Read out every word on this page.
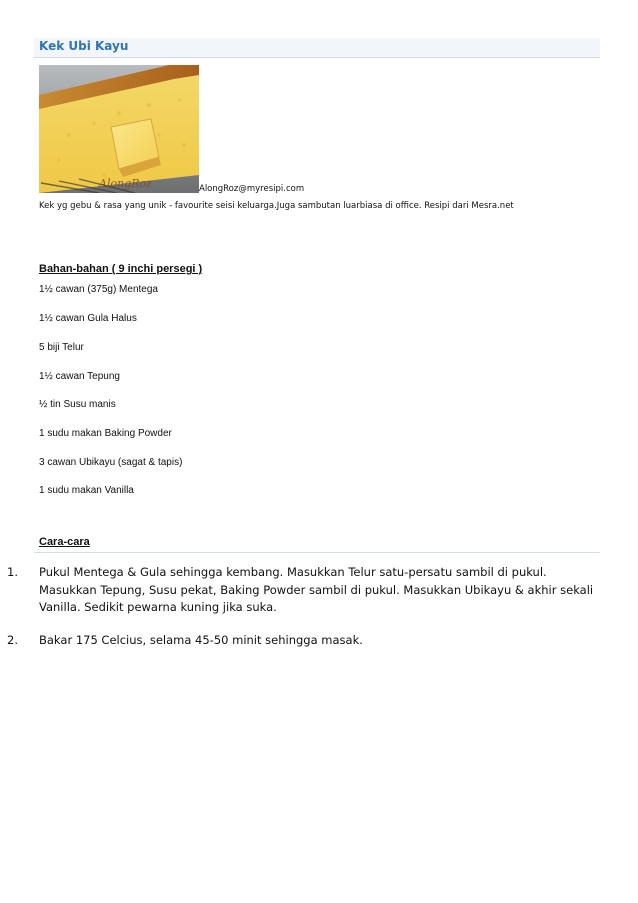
Kek Ubi Kayu
AlongRoz	AlongRoz@myresipi.com
Kek yg gebu & rasa yang unik - favourite seisi keluarga.Juga sambutan luarbiasa di office. Resipi dari Mesra.net
Bahan-bahan ( 9 inchi persegi )
1½ cawan (375g) Mentega
1½ cawan Gula Halus
5 biji Telur
1½ cawan Tepung
½ tin Susu manis
1 sudu makan Baking Powder
3 cawan Ubikayu (sagat & tapis)
1 sudu makan Vanilla
Cara-cara
1. Pukul Mentega & Gula sehingga kembang. Masukkan Telur satu-persatu sambil di pukul. Masukkan Tepung, Susu pekat, Baking Powder sambil di pukul. Masukkan Ubikayu & akhir sekali Vanilla. Sedikit pewarna kuning jika suka.
2. Bakar 175 Celcius, selama 45-50 minit sehingga masak.
